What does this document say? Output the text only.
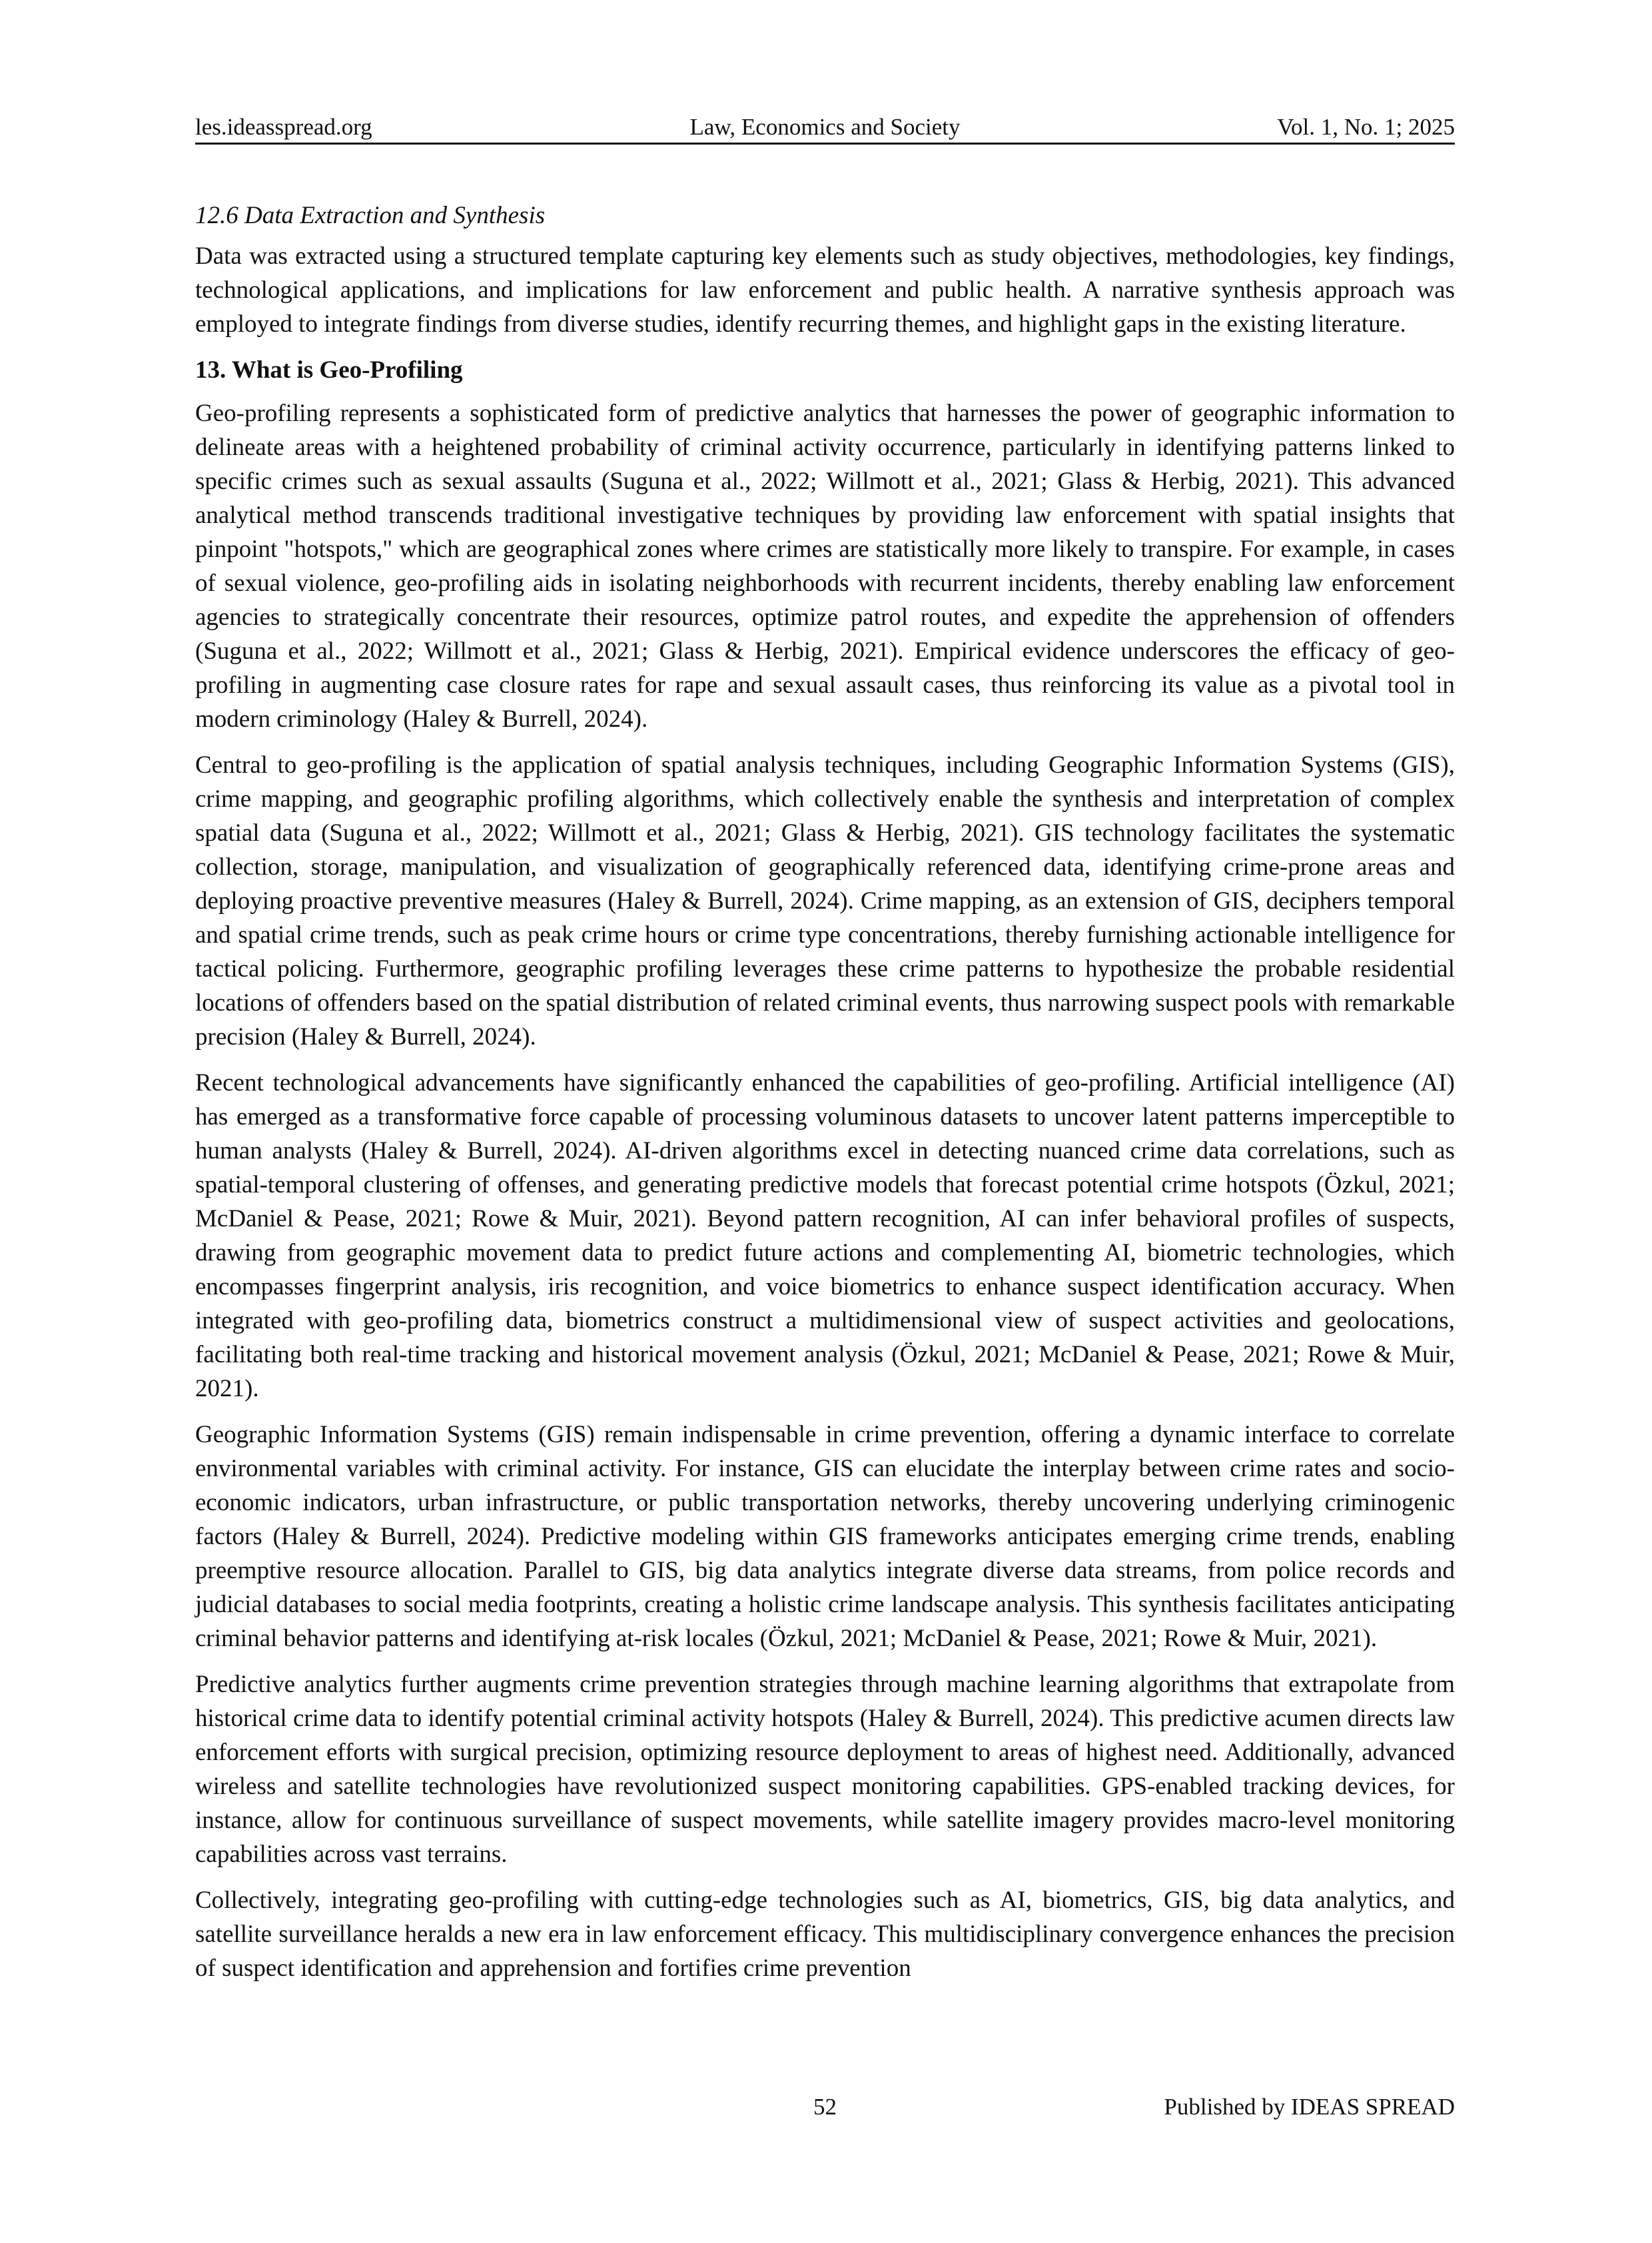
Law, Economics and Society
les.ideasspread.org	Vol. 1, No. 1; 2025

12.6 Data Extraction and Synthesis

Data was extracted using a structured template capturing key elements such as study objectives, methodologies, key findings, technological applications, and implications for law enforcement and public health. A narrative synthesis approach was employed to integrate findings from diverse studies, identify recurring themes, and highlight gaps in the existing literature.

13. What is Geo-Profiling

Geo-profiling represents a sophisticated form of predictive analytics that harnesses the power of geographic information to delineate areas with a heightened probability of criminal activity occurrence, particularly in identifying patterns linked to specific crimes such as sexual assaults (Suguna et al., 2022; Willmott et al., 2021; Glass & Herbig, 2021). This advanced analytical method transcends traditional investigative techniques by providing law enforcement with spatial insights that pinpoint "hotspots," which are geographical zones where crimes are statistically more likely to transpire. For example, in cases of sexual violence, geo-profiling aids in isolating neighborhoods with recurrent incidents, thereby enabling law enforcement agencies to strategically concentrate their resources, optimize patrol routes, and expedite the apprehension of offenders (Suguna et al., 2022; Willmott et al., 2021; Glass & Herbig, 2021). Empirical evidence underscores the efficacy of geo-profiling in augmenting case closure rates for rape and sexual assault cases, thus reinforcing its value as a pivotal tool in modern criminology (Haley & Burrell, 2024).

Central to geo-profiling is the application of spatial analysis techniques, including Geographic Information Systems (GIS), crime mapping, and geographic profiling algorithms, which collectively enable the synthesis and interpretation of complex spatial data (Suguna et al., 2022; Willmott et al., 2021; Glass & Herbig, 2021). GIS technology facilitates the systematic collection, storage, manipulation, and visualization of geographically referenced data, identifying crime-prone areas and deploying proactive preventive measures (Haley & Burrell, 2024). Crime mapping, as an extension of GIS, deciphers temporal and spatial crime trends, such as peak crime hours or crime type concentrations, thereby furnishing actionable intelligence for tactical policing. Furthermore, geographic profiling leverages these crime patterns to hypothesize the probable residential locations of offenders based on the spatial distribution of related criminal events, thus narrowing suspect pools with remarkable precision (Haley & Burrell, 2024).

Recent technological advancements have significantly enhanced the capabilities of geo-profiling. Artificial intelligence (AI) has emerged as a transformative force capable of processing voluminous datasets to uncover latent patterns imperceptible to human analysts (Haley & Burrell, 2024). AI-driven algorithms excel in detecting nuanced crime data correlations, such as spatial-temporal clustering of offenses, and generating predictive models that forecast potential crime hotspots (Özkul, 2021; McDaniel & Pease, 2021; Rowe & Muir, 2021). Beyond pattern recognition, AI can infer behavioral profiles of suspects, drawing from geographic movement data to predict future actions and complementing AI, biometric technologies, which encompasses fingerprint analysis, iris recognition, and voice biometrics to enhance suspect identification accuracy. When integrated with geo-profiling data, biometrics construct a multidimensional view of suspect activities and geolocations, facilitating both real-time tracking and historical movement analysis (Özkul, 2021; McDaniel & Pease, 2021; Rowe & Muir, 2021).

Geographic Information Systems (GIS) remain indispensable in crime prevention, offering a dynamic interface to correlate environmental variables with criminal activity. For instance, GIS can elucidate the interplay between crime rates and socio-economic indicators, urban infrastructure, or public transportation networks, thereby uncovering underlying criminogenic factors (Haley & Burrell, 2024). Predictive modeling within GIS frameworks anticipates emerging crime trends, enabling preemptive resource allocation. Parallel to GIS, big data analytics integrate diverse data streams, from police records and judicial databases to social media footprints, creating a holistic crime landscape analysis. This synthesis facilitates anticipating criminal behavior patterns and identifying at-risk locales (Özkul, 2021; McDaniel & Pease, 2021; Rowe & Muir, 2021).

Predictive analytics further augments crime prevention strategies through machine learning algorithms that extrapolate from historical crime data to identify potential criminal activity hotspots (Haley & Burrell, 2024). This predictive acumen directs law enforcement efforts with surgical precision, optimizing resource deployment to areas of highest need. Additionally, advanced wireless and satellite technologies have revolutionized suspect monitoring capabilities. GPS-enabled tracking devices, for instance, allow for continuous surveillance of suspect movements, while satellite imagery provides macro-level monitoring capabilities across vast terrains.

Collectively, integrating geo-profiling with cutting-edge technologies such as AI, biometrics, GIS, big data analytics, and satellite surveillance heralds a new era in law enforcement efficacy. This multidisciplinary convergence enhances the precision of suspect identification and apprehension and fortifies crime prevention

52	Published by IDEAS SPREAD
